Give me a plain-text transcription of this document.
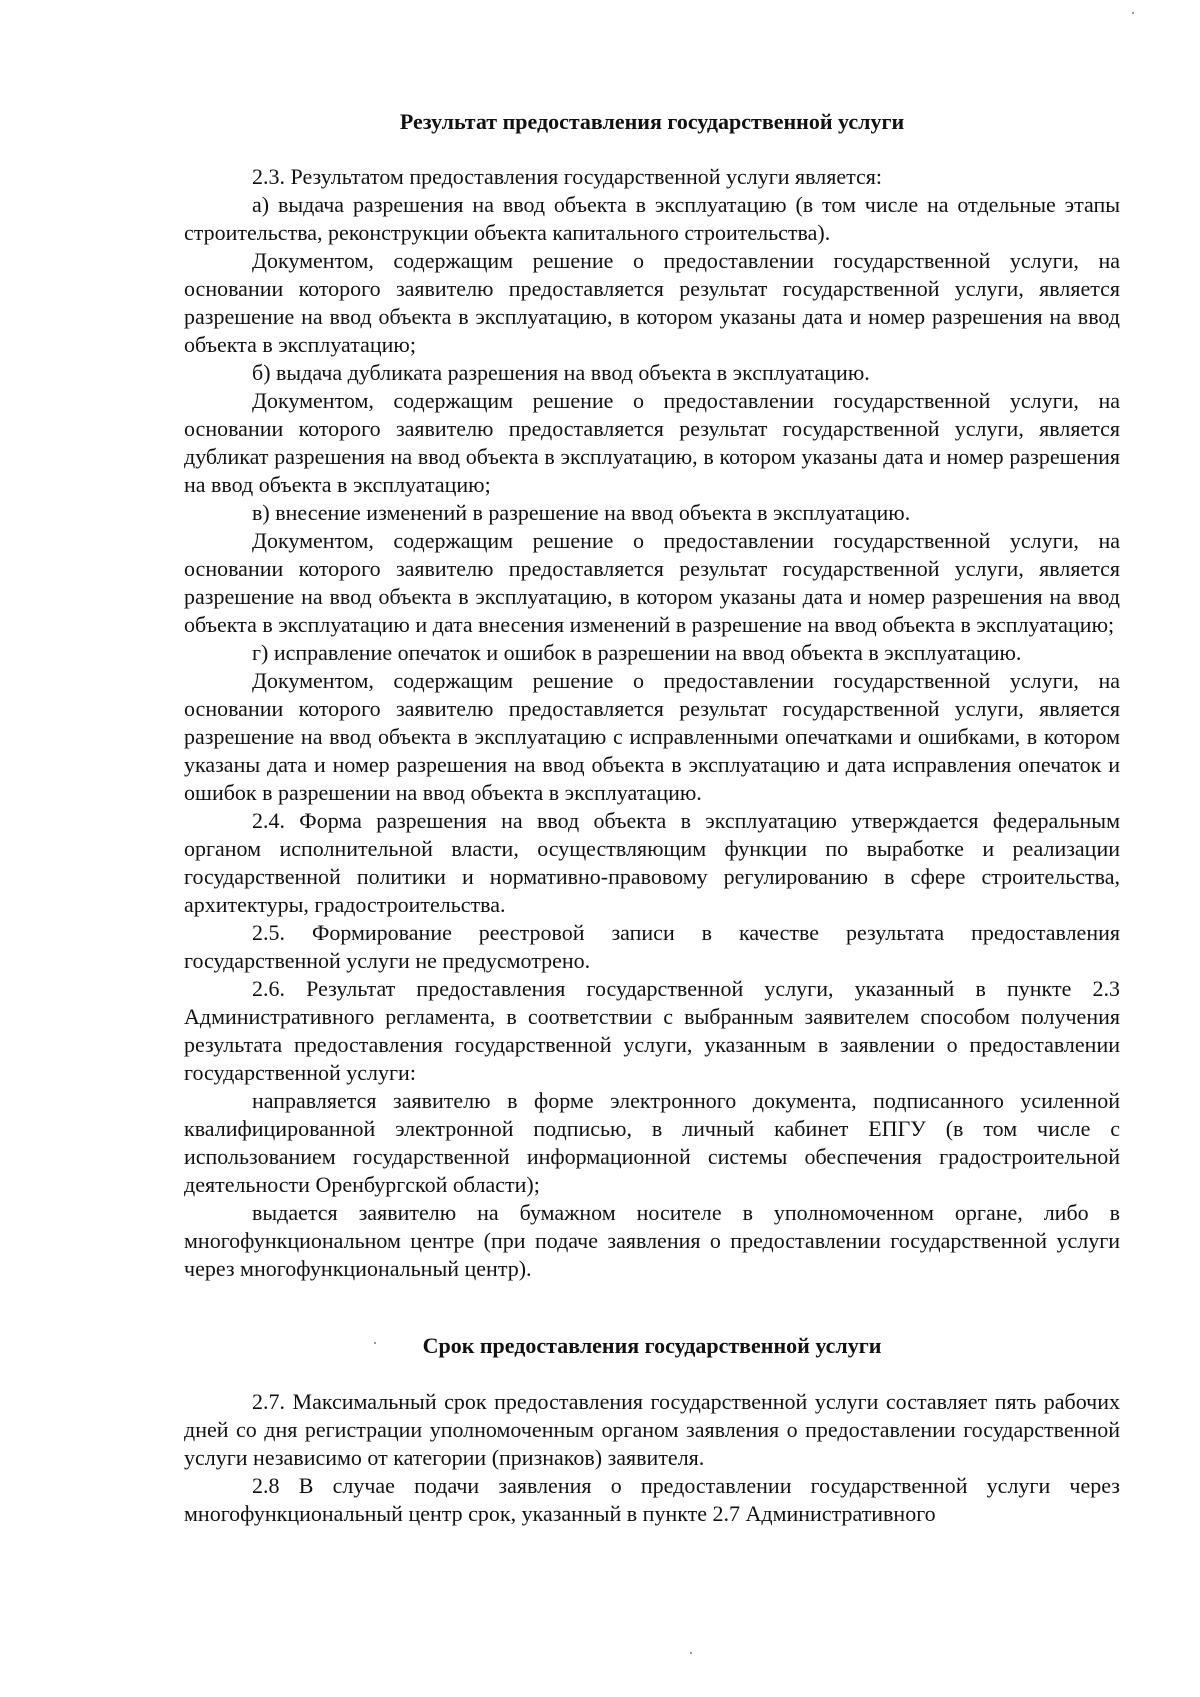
Результат предоставления государственной услуги

2.3. Результатом предоставления государственной услуги является:

а) выдача разрешения на ввод объекта в эксплуатацию (в том числе на отдельные этапы строительства, реконструкции объекта капитального строительства).

Документом, содержащим решение о предоставлении государственной услуги, на основании которого заявителю предоставляется результат государственной услуги, является разрешение на ввод объекта в эксплуатацию, в котором указаны дата и номер разрешения на ввод объекта в эксплуатацию;

б) выдача дубликата разрешения на ввод объекта в эксплуатацию.

Документом, содержащим решение о предоставлении государственной услуги, на основании которого заявителю предоставляется результат государственной услуги, является дубликат разрешения на ввод объекта в эксплуатацию, в котором указаны дата и номер разрешения на ввод объекта в эксплуатацию;

в) внесение изменений в разрешение на ввод объекта в эксплуатацию.

Документом, содержащим решение о предоставлении государственной услуги, на основании которого заявителю предоставляется результат государственной услуги, является разрешение на ввод объекта в эксплуатацию, в котором указаны дата и номер разрешения на ввод объекта в эксплуатацию и дата внесения изменений в разрешение на ввод объекта в эксплуатацию;

г) исправление опечаток и ошибок в разрешении на ввод объекта в эксплуатацию.

Документом, содержащим решение о предоставлении государственной услуги, на основании которого заявителю предоставляется результат государственной услуги, является разрешение на ввод объекта в эксплуатацию с исправленными опечатками и ошибками, в котором указаны дата и номер разрешения на ввод объекта в эксплуатацию и дата исправления опечаток и ошибок в разрешении на ввод объекта в эксплуатацию.

2.4. Форма разрешения на ввод объекта в эксплуатацию утверждается федеральным органом исполнительной власти, осуществляющим функции по выработке и реализации государственной политики и нормативно-правовому регулированию в сфере строительства, архитектуры, градостроительства.

2.5. Формирование реестровой записи в качестве результата предоставления государственной услуги не предусмотрено.

2.6. Результат предоставления государственной услуги, указанный в пункте 2.3 Административного регламента, в соответствии с выбранным заявителем способом получения результата предоставления государственной услуги, указанным в заявлении о предоставлении государственной услуги:

направляется заявителю в форме электронного документа, подписанного усиленной квалифицированной электронной подписью, в личный кабинет ЕПГУ (в том числе с использованием государственной информационной системы обеспечения градостроительной деятельности Оренбургской области);

выдается заявителю на бумажном носителе в уполномоченном органе, либо в многофункциональном центре (при подаче заявления о предоставлении государственной услуги через многофункциональный центр).

Срок предоставления государственной услуги

2.7. Максимальный срок предоставления государственной услуги составляет пять рабочих дней со дня регистрации уполномоченным органом заявления о предоставлении государственной услуги независимо от категории (признаков) заявителя.

2.8 В случае подачи заявления о предоставлении государственной услуги через многофункциональный центр срок, указанный в пункте 2.7 Административного
